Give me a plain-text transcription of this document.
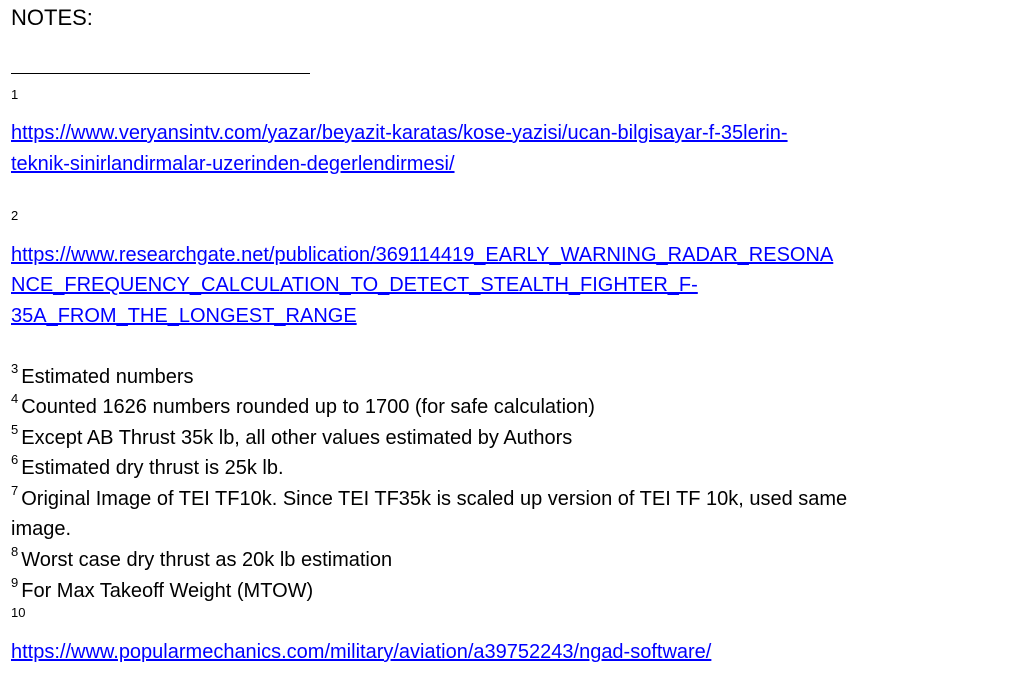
NOTES:
1
https://www.veryansintv.com/yazar/beyazit-karatas/kose-yazisi/ucan-bilgisayar-f-35lerin-
teknik-sinirlandirmalar-uzerinden-degerlendirmesi/
2
https://www.researchgate.net/publication/369114419_EARLY_WARNING_RADAR_RESONA
NCE_FREQUENCY_CALCULATION_TO_DETECT_STEALTH_FIGHTER_F-
35A_FROM_THE_LONGEST_RANGE
$^3$ Estimated numbers
$^4$ Counted 1626 numbers rounded up to 1700 (for safe calculation)
$^5$ Except AB Thrust 35k lb, all other values estimated by Authors
$^6$ Estimated dry thrust is 25k lb.
$^7$ Original Image of TEI TF10k. Since TEI TF35k is scaled up version of TEI TF 10k, used same
image.
$^8$ Worst case dry thrust as 20k lb estimation
$^9$ For Max Takeoff Weight (MTOW)
10
https://www.popularmechanics.com/military/aviation/a39752243/ngad-software/
